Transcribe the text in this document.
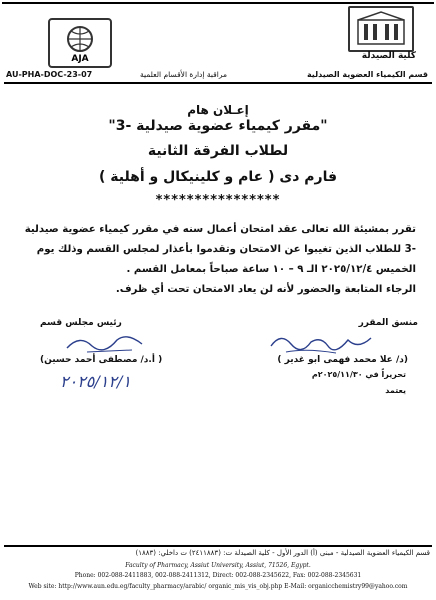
AJA	كلية الصيدلة
قسم الكيمياء العضوية الصيدلية
مراقبة إدارة الأقسام العلمية
AU-PHA-DOC-23-07
إعـلان هام
"مقرر كيمياء عضوية صيدلية -3"
لطلاب الفرقة الثانية
فارم دى ( عام و كلينيكال و أهلية )
****************

تقرر بمشيئة الله تعالى عقد امتحان أعمال سنه في مقرر كيمياء عضوية صيدلية -3 للطلاب الذين تغيبوا عن الامتحان وتقدموا بأعذار لمجلس القسم وذلك يوم الخميس ٢٠٢٥/١٢/٤ الـ ٩ – ١٠ ساعة صباحاً بمعامل القسم .

الرجاء المتابعة والحضور لأنه لن يعاد الامتحان تحت أي ظرف.

منسق المقرر
رئيس مجلس قسم
(د/ علا محمد فهمى ابو غدير )
( أ.د/ مصطفى أحمد حسين)
تحريراً في ٢٠٢٥/١١/٣٠م
يعتمد
٢٠٢٥/١٢/١
قسم الكيمياء العضوية الصيدلية - مبنى (أ) الدور الأول - كلية الصيدلة ت: (٢٤١١٨٨٣) ت داخلي: (١٨٨٣)
Faculty of Pharmacy, Assiut University, Assiut, 71526, Egypt.
Phone: 002-088-2411883, 002-088-2411312, Direct: 002-088-2345622, Fax: 002-088-2345631
Web site: http://www.aun.edu.eg/faculty_pharmacy/arabic/ organic_mis_vis_obj.php E-Mail: organicchemistry99@yahoo.com
